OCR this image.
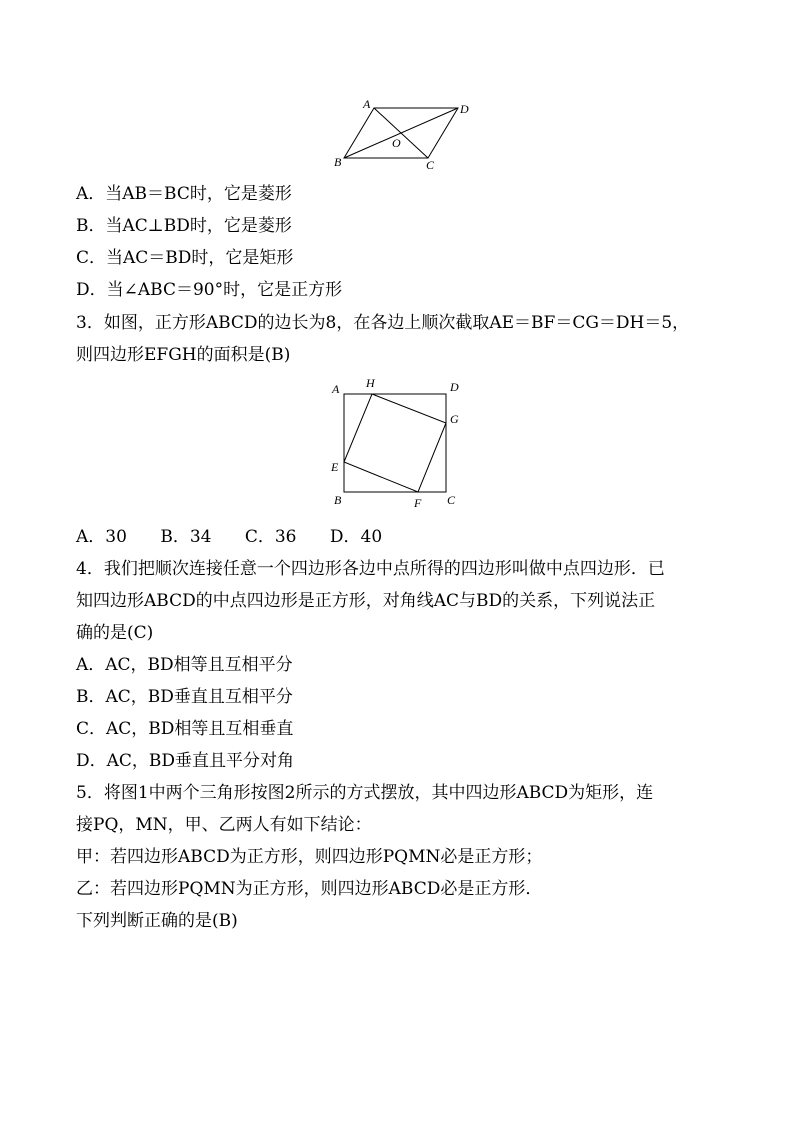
A	D
B	C
O
A．当AB＝BC时，它是菱形
B．当AC⊥BD时，它是菱形
C．当AC＝BD时，它是矩形
D．当∠ABC＝90°时，它是正方形
3．如图，正方形ABCD的边长为8，在各边上顺次截取AE＝BF＝CG＝DH＝5，
则四边形EFGH的面积是(B)
A H	D
G
E
B	F C
A．30 B．34 C．36 D．40
4．我们把顺次连接任意一个四边形各边中点所得的四边形叫做中点四边形．已
知四边形ABCD的中点四边形是正方形，对角线AC与BD的关系，下列说法正
确的是(C)
A．AC，BD相等且互相平分
B．AC，BD垂直且互相平分
C．AC，BD相等且互相垂直
D．AC，BD垂直且平分对角
5．将图1中两个三角形按图2所示的方式摆放，其中四边形ABCD为矩形，连
接PQ，MN，甲、乙两人有如下结论：
甲：若四边形ABCD为正方形，则四边形PQMN必是正方形；
乙：若四边形PQMN为正方形，则四边形ABCD必是正方形．
下列判断正确的是(B)
